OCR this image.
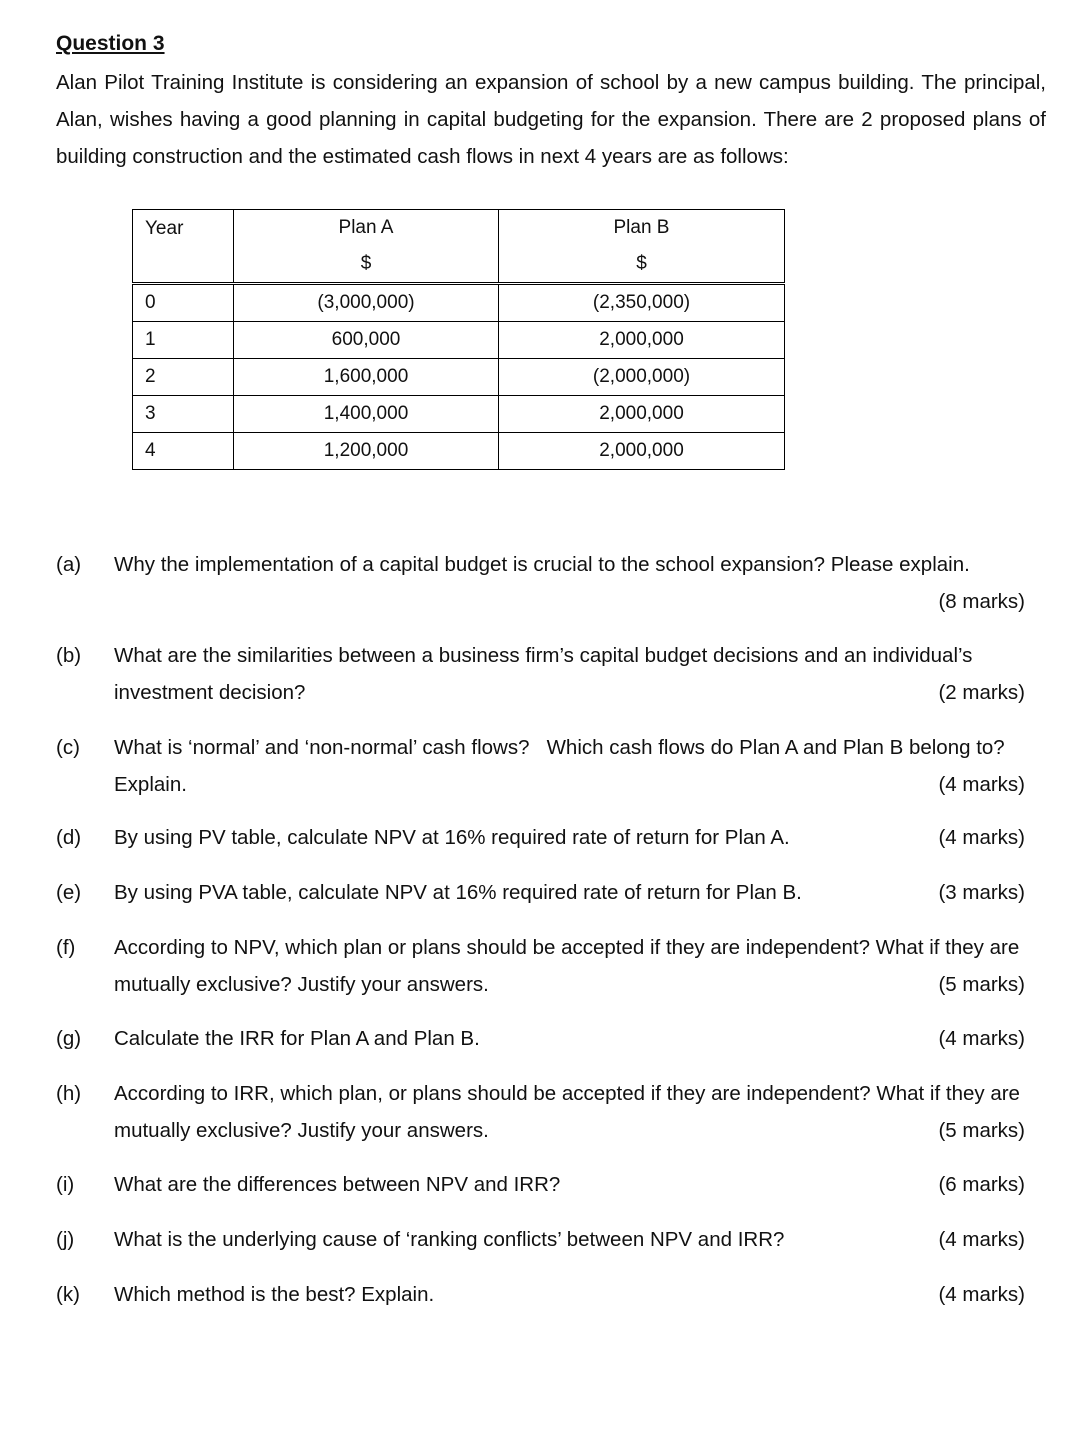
Question 3
Alan Pilot Training Institute is considering an expansion of school by a new campus building. The principal, Alan, wishes having a good planning in capital budgeting for the expansion. There are 2 proposed plans of building construction and the estimated cash flows in next 4 years are as follows:
Year	Plan A	Plan B
	$	$
0	(3,000,000)	(2,350,000)
1	600,000	2,000,000
2	1,600,000	(2,000,000)
3	1,400,000	2,000,000
4	1,200,000	2,000,000
(a) Why the implementation of a capital budget is crucial to the school expansion? Please explain.
(8 marks)
(b) What are the similarities between a business firm’s capital budget decisions and an individual’s investment decision?	(2 marks)
(c) What is ‘normal’ and ‘non-normal’ cash flows?   Which cash flows do Plan A and Plan B belong to? Explain.	(4 marks)
(d) By using PV table, calculate NPV at 16% required rate of return for Plan A.	(4 marks)
(e) By using PVA table, calculate NPV at 16% required rate of return for Plan B.	(3 marks)
(f) According to NPV, which plan or plans should be accepted if they are independent? What if they are mutually exclusive? Justify your answers.	(5 marks)
(g) Calculate the IRR for Plan A and Plan B.	(4 marks)
(h) According to IRR, which plan, or plans should be accepted if they are independent? What if they are mutually exclusive? Justify your answers.	(5 marks)
(i) What are the differences between NPV and IRR?	(6 marks)
(j) What is the underlying cause of ‘ranking conflicts’ between NPV and IRR?	(4 marks)
(k) Which method is the best? Explain.	(4 marks)
